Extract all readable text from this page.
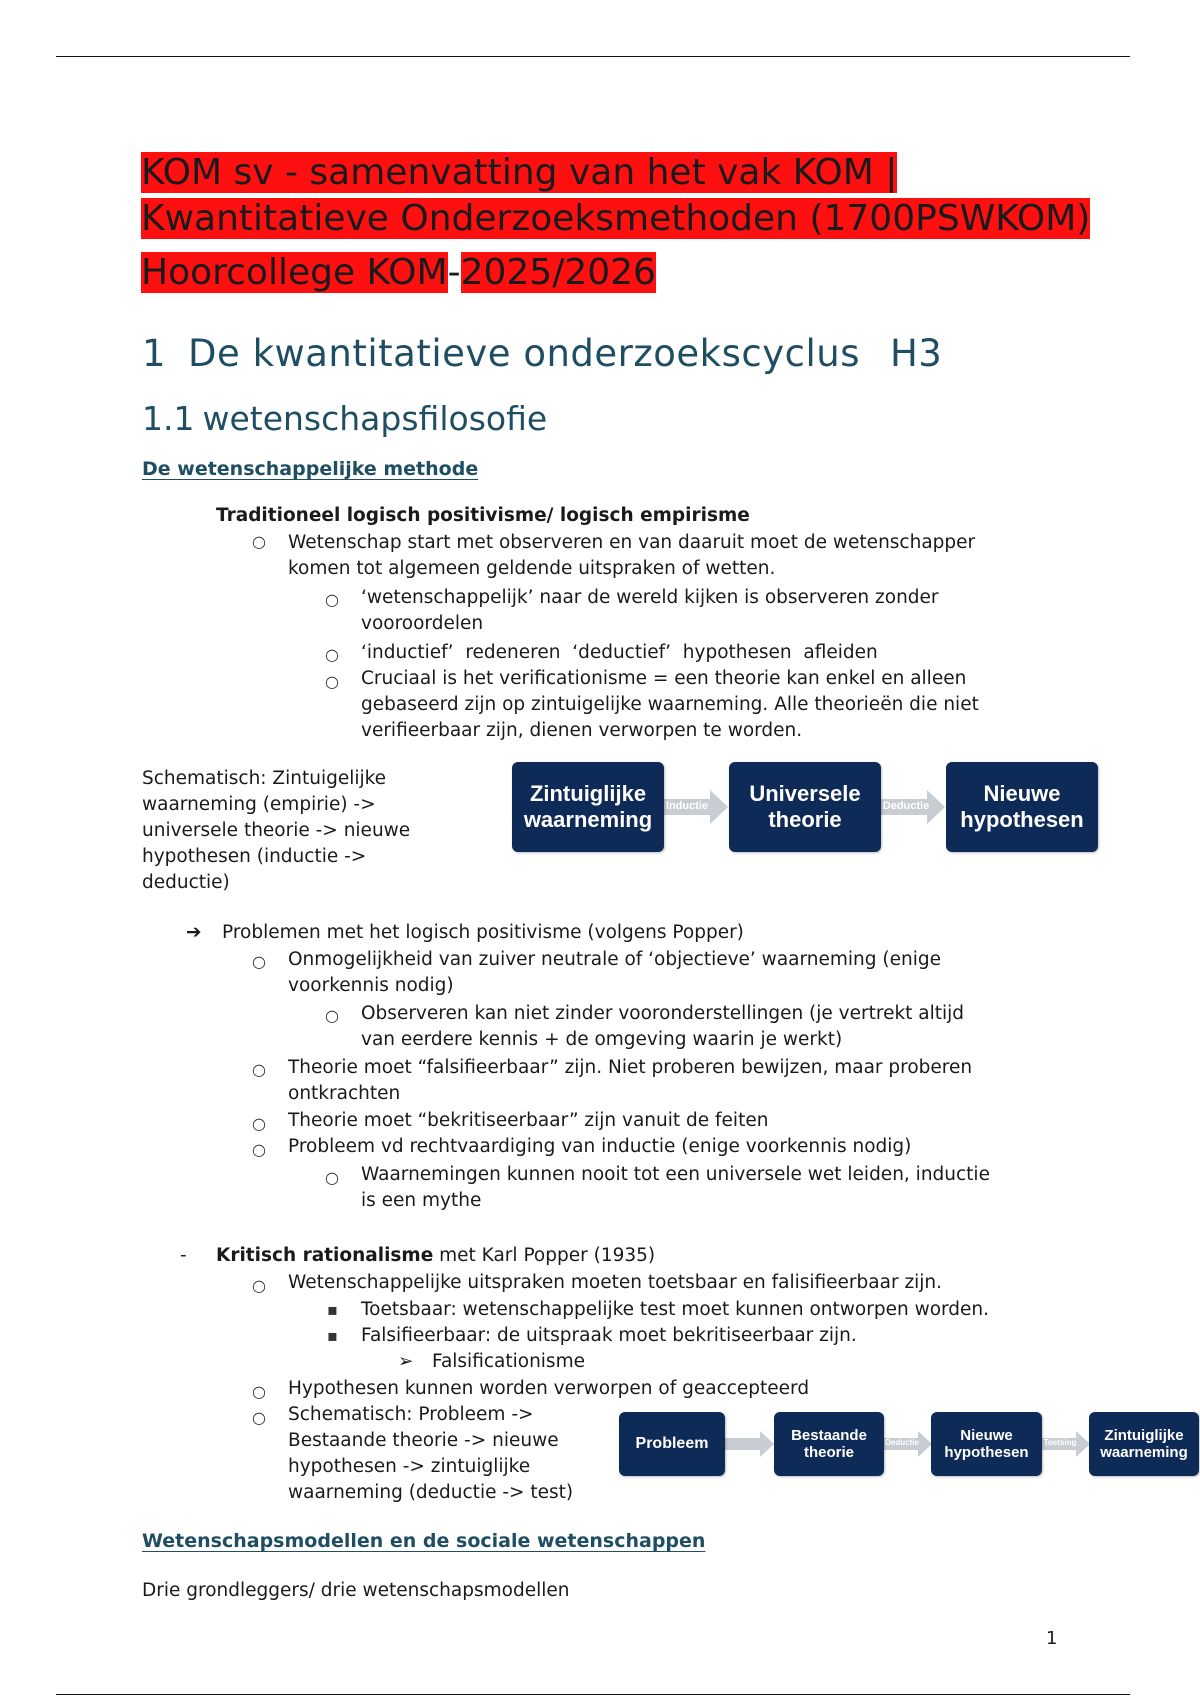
KOM sv - samenvatting van het vak KOM |
Kwantitatieve Onderzoeksmethoden (1700PSWKOM)
Hoorcollege KOM-2025/2026
1 De kwantitatieve onderzoekscyclus H3
1.1 wetenschapsfilosofie
De wetenschappelijke methode
Traditioneel logisch positivisme/ logisch empirisme
○ Wetenschap start met observeren en van daaruit moet de wetenschapper
komen tot algemeen geldende uitspraken of wetten.
○ ‘wetenschappelijk’ naar de wereld kijken is observeren zonder
vooroordelen
○ ‘inductief’  redeneren  ‘deductief’  hypothesen  afleiden
○ Cruciaal is het verificationisme = een theorie kan enkel en alleen
gebaseerd zijn op zintuigelijke waarneming. Alle theorieën die niet
verifieerbaar zijn, dienen verworpen te worden.
Schematisch: Zintuigelijke
waarneming (empirie) ->
universele theorie -> nieuwe
hypothesen (inductie ->
deductie)
Inductie	Deductie
Zintuiglijke
waarneming
Universele
theorie
Nieuwe
hypothesen
➔ Problemen met het logisch positivisme (volgens Popper)
○ Onmogelijkheid van zuiver neutrale of ‘objectieve’ waarneming (enige
voorkennis nodig)
○ Observeren kan niet zinder vooronderstellingen (je vertrekt altijd
van eerdere kennis + de omgeving waarin je werkt)
○ Theorie moet “falsifieerbaar” zijn. Niet proberen bewijzen, maar proberen
ontkrachten
○ Theorie moet “bekritiseerbaar” zijn vanuit de feiten
○ Probleem vd rechtvaardiging van inductie (enige voorkennis nodig)
○ Waarnemingen kunnen nooit tot een universele wet leiden, inductie
is een mythe
- Kritisch rationalisme met Karl Popper (1935)
○ Wetenschappelijke uitspraken moeten toetsbaar en falisifieerbaar zijn.
▪ Toetsbaar: wetenschappelijke test moet kunnen ontworpen worden.
▪ Falsifieerbaar: de uitspraak moet bekritiseerbaar zijn.
➢ Falsificationisme
○ Hypothesen kunnen worden verworpen of geaccepteerd
○ Schematisch: Probleem ->
Bestaande theorie -> nieuwe
hypothesen -> zintuiglijke
waarneming (deductie -> test)
Deductie	Toetsing
Probleem	Bestaande
theorie
Nieuwe
hypothesen
Zintuiglijke
waarneming
Wetenschapsmodellen en de sociale wetenschappen
Drie grondleggers/ drie wetenschapsmodellen
1
